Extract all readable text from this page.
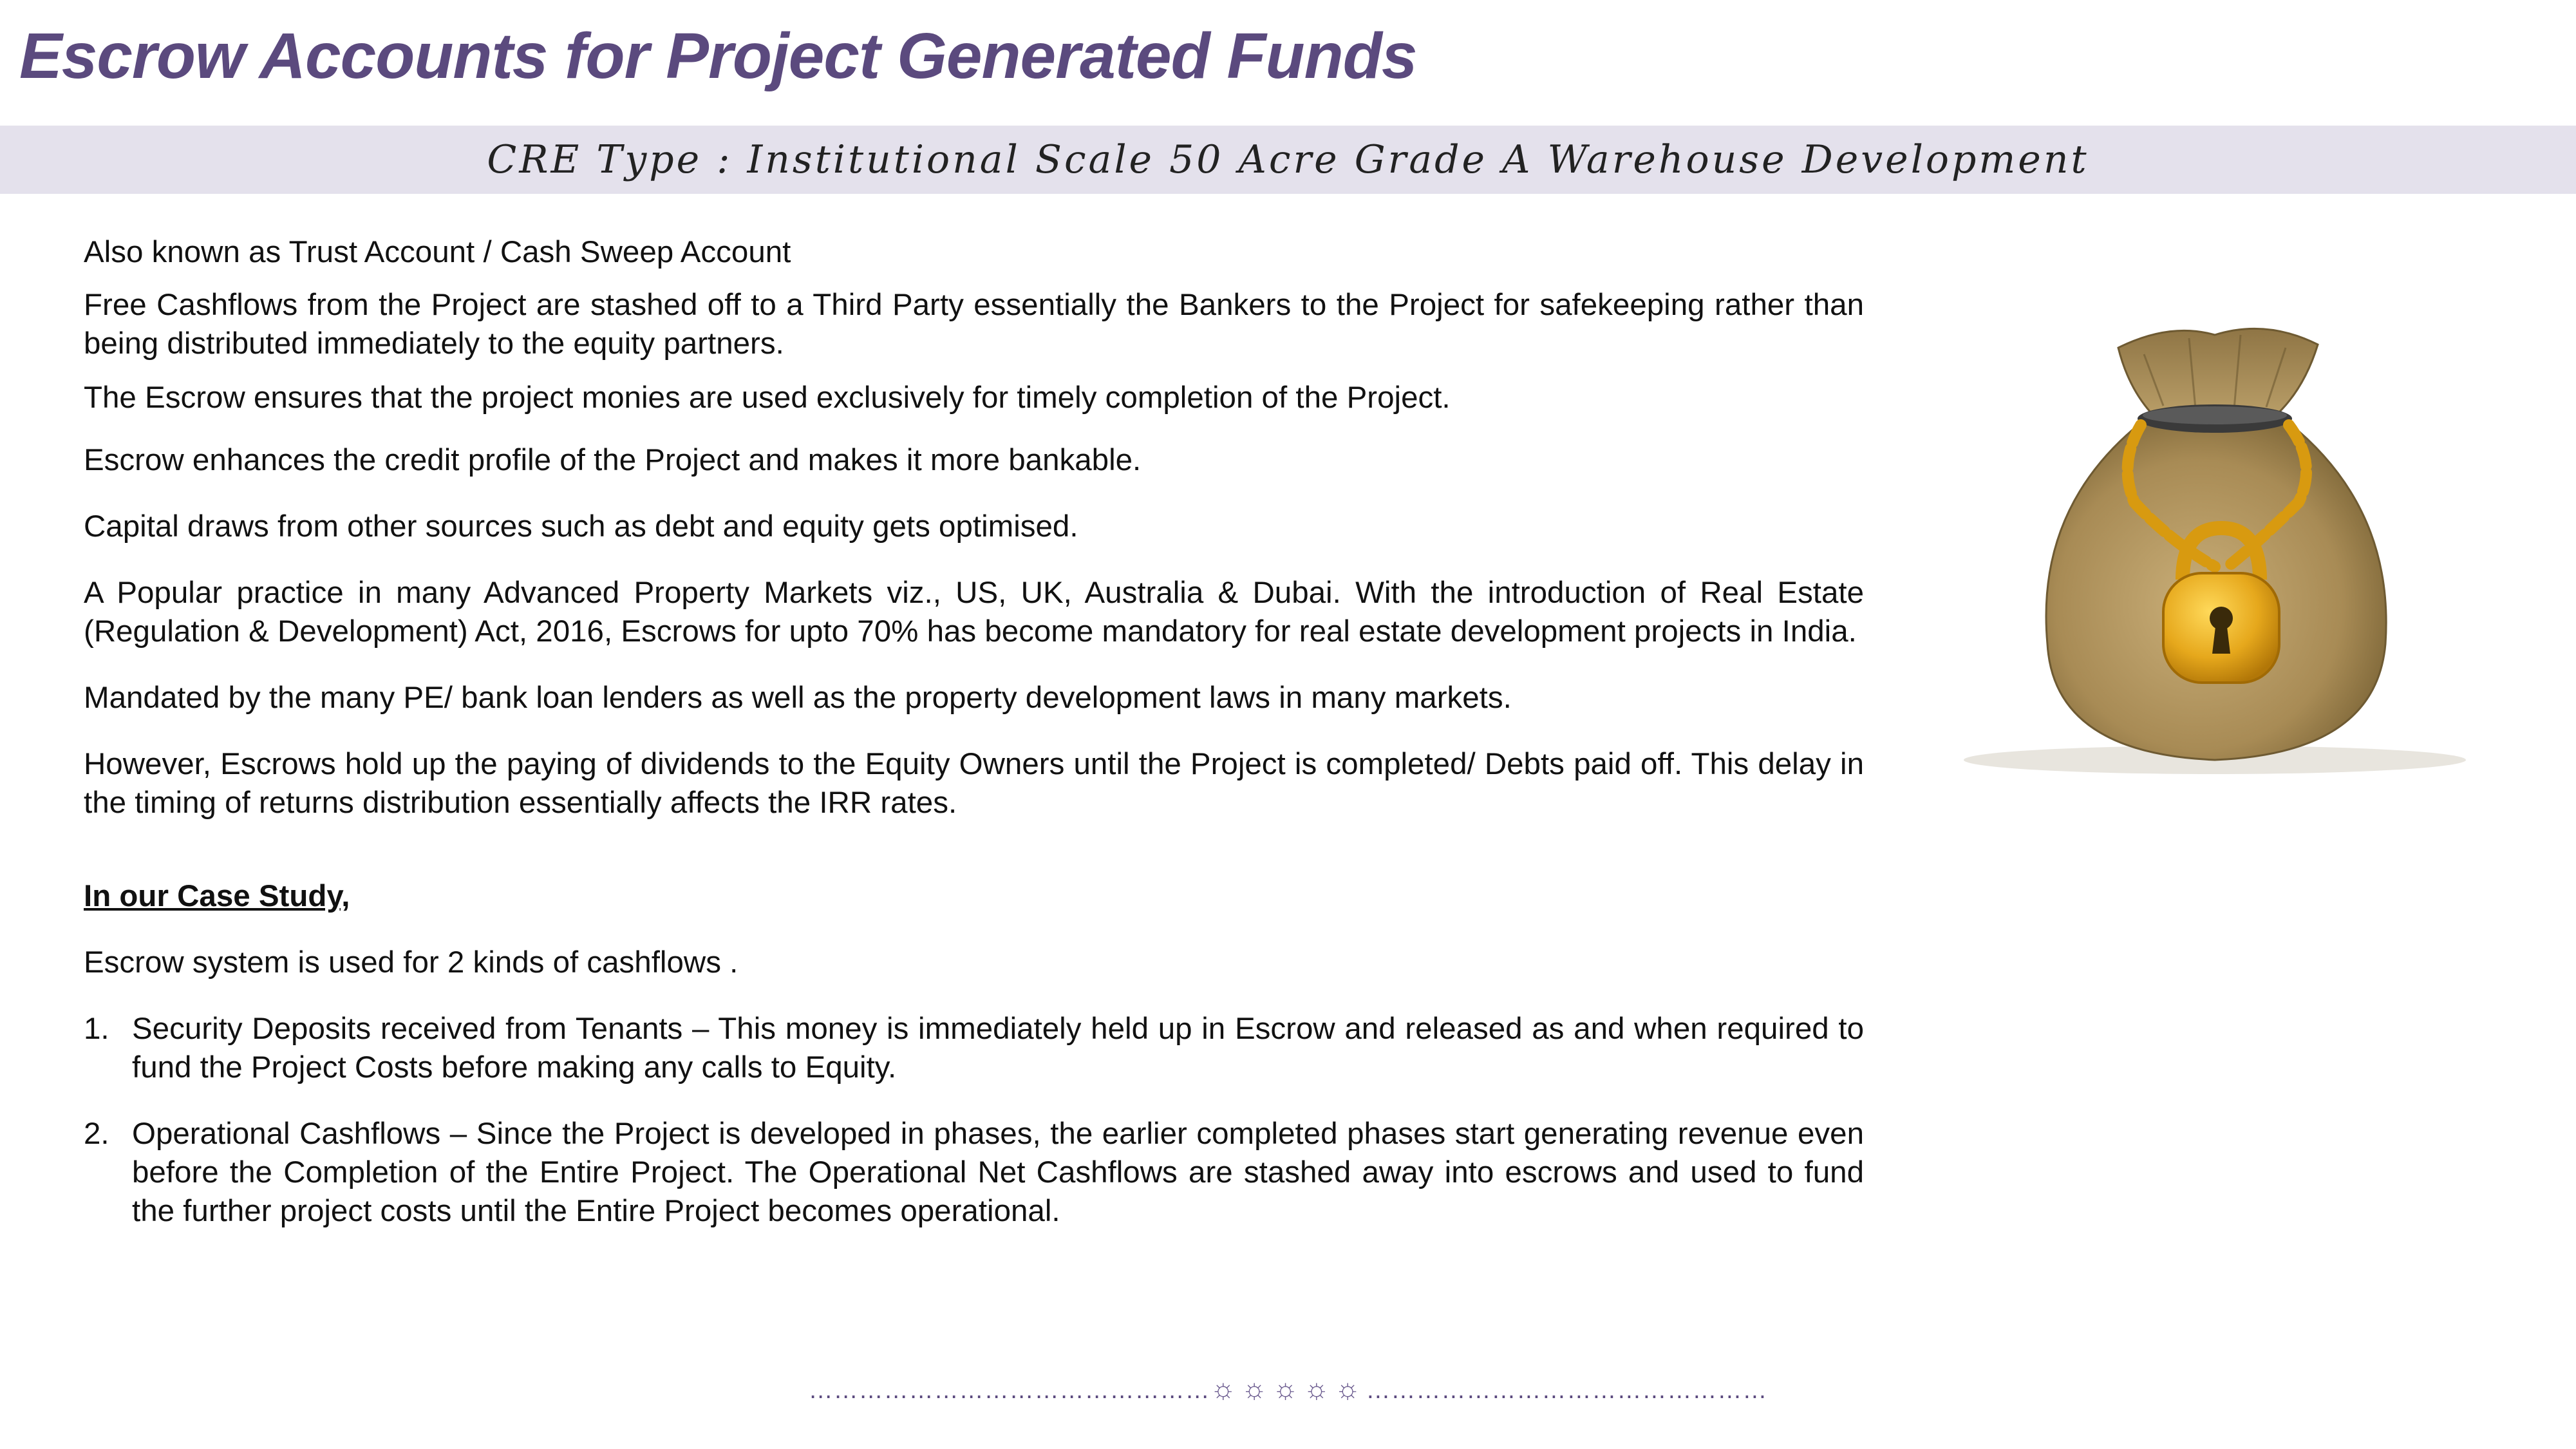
Escrow Accounts for Project Generated Funds
CRE Type : Institutional Scale 50 Acre Grade A Warehouse Development

Also known as Trust Account / Cash Sweep Account

Free Cashflows from the Project are stashed off to a Third Party essentially the Bankers to the Project for safekeeping rather than being distributed immediately to the equity partners.

The Escrow ensures that the project monies are used exclusively for timely completion of the Project.

Escrow enhances the credit profile of the Project and makes it more bankable.

Capital draws from other sources such as debt and equity gets optimised.

A Popular practice in many Advanced Property Markets viz., US, UK, Australia & Dubai. With the introduction of Real Estate (Regulation & Development) Act, 2016, Escrows for upto 70% has become mandatory for real estate development projects in India.

Mandated by the many PE/ bank loan lenders as well as the property development laws in many markets.

However, Escrows hold up the paying of dividends to the Equity Owners until the Project is completed/ Debts paid off. This delay in the timing of returns distribution essentially affects the IRR rates.

In our Case Study,

Escrow system is used for 2 kinds of cashflows .

1. Security Deposits received from Tenants – This money is immediately held up in Escrow and released as and when required to fund the Project Costs before making any calls to Equity.
2. Operational Cashflows – Since the Project is developed in phases, the earlier completed phases start generating revenue even before the Completion of the Entire Project. The Operational Net Cashflows are stashed away into escrows and used to fund the further project costs until the Entire Project becomes operational.
…………………………………………☼☼☼☼☼…………………………………………
